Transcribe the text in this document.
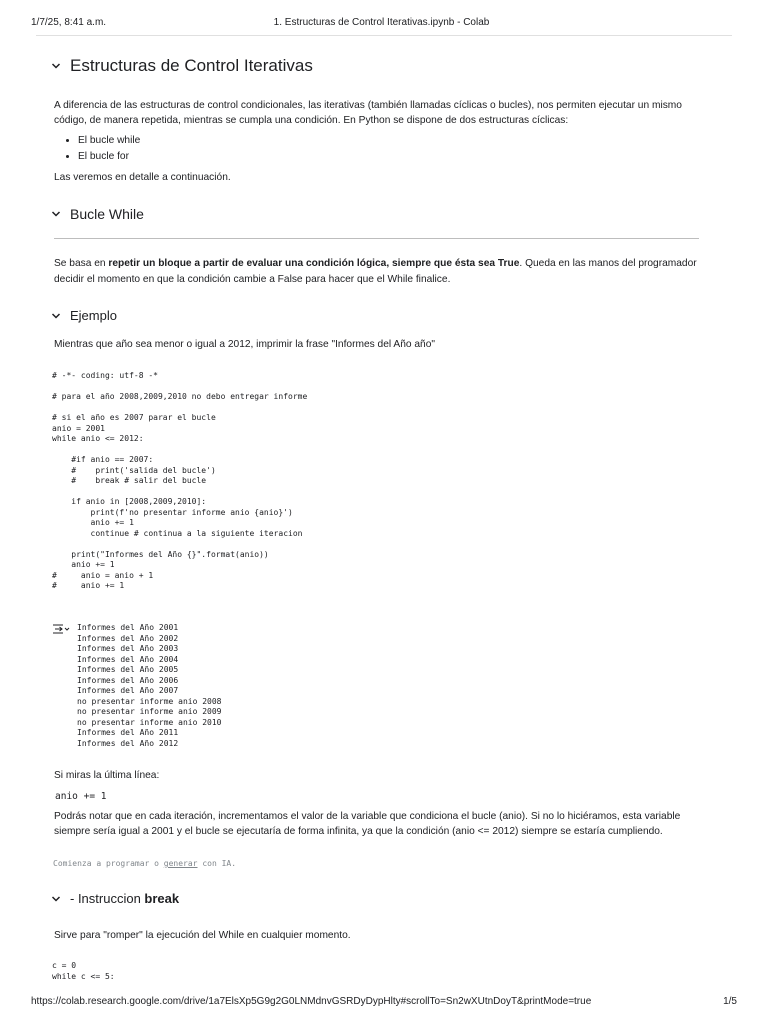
1/7/25, 8:41 a.m.	1. Estructuras de Control Iterativas.ipynb - Colab
Estructuras de Control Iterativas
A diferencia de las estructuras de control condicionales, las iterativas (también llamadas cíclicas o bucles), nos permiten ejecutar un mismo
código, de manera repetida, mientras se cumpla una condición. En Python se dispone de dos estructuras cíclicas:
• El bucle while
• El bucle for
Las veremos en detalle a continuación.
Bucle While
Se basa en repetir un bloque a partir de evaluar una condición lógica, siempre que ésta sea True. Queda en las manos del programador
decidir el momento en que la condición cambie a False para hacer que el While finalice.
Ejemplo
Mientras que año sea menor o igual a 2012, imprimir la frase "Informes del Año año"
# -*- coding: utf-8 -*

# para el año 2008,2009,2010 no debo entregar informe

# si el año es 2007 parar el bucle
anio = 2001
while anio <= 2012:

#if anio == 2007:
#    print('salida del bucle')
#    break # salir del bucle

if anio in [2008,2009,2010]:
print(f'no presentar informe anio {anio}')
anio += 1
continue # continua a la siguiente iteracion

print("Informes del Año {}".format(anio))
anio += 1
#     anio = anio + 1
#     anio += 1
Informes del Año 2001
Informes del Año 2002
Informes del Año 2003
Informes del Año 2004
Informes del Año 2005
Informes del Año 2006
Informes del Año 2007
no presentar informe anio 2008
no presentar informe anio 2009
no presentar informe anio 2010
Informes del Año 2011
Informes del Año 2012
Si miras la última línea:
anio += 1
Podrás notar que en cada iteración, incrementamos el valor de la variable que condiciona el bucle (anio). Si no lo hiciéramos, esta variable
siempre sería igual a 2001 y el bucle se ejecutaría de forma infinita, ya que la condición (anio <= 2012) siempre se estaría cumpliendo.
Comienza a programar o generar con IA.
- Instruccion break
Sirve para "romper" la ejecución del While en cualquier momento.
c = 0
while c <= 5:
https://colab.research.google.com/drive/1a7ElsXp5G9g2G0LNMdnvGSRDyDypHlty#scrollTo=Sn2wXUtnDoyT&printMode=true	1/5
